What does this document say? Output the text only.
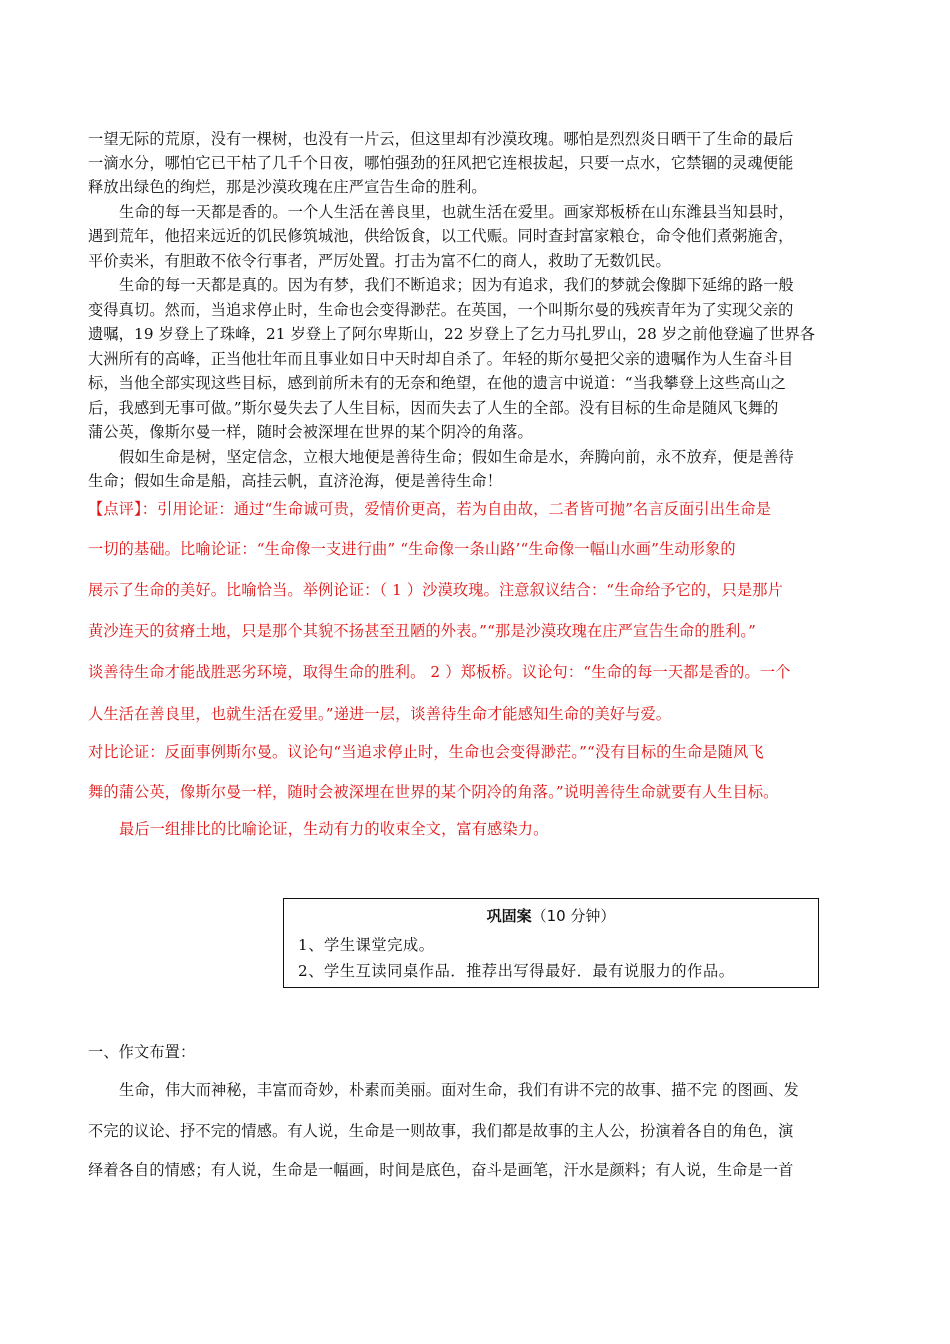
一望无际的荒原，没有一棵树，也没有一片云，但这里却有沙漠玫瑰。哪怕是烈烈炎日晒干了生命的最后
一滴水分，哪怕它已干枯了几千个日夜，哪怕强劲的狂风把它连根拔起，只要一点水，它禁锢的灵魂便能
释放出绿色的绚烂，那是沙漠玫瑰在庄严宣告生命的胜利。
生命的每一天都是香的。一个人生活在善良里，也就生活在爱里。画家郑板桥在山东潍县当知县时，
遇到荒年，他招来远近的饥民修筑城池，供给饭食，以工代赈。同时查封富家粮仓，命令他们煮粥施舍，
平价卖米，有胆敢不依令行事者，严厉处置。打击为富不仁的商人，救助了无数饥民。
生命的每一天都是真的。因为有梦，我们不断追求；因为有追求，我们的梦就会像脚下延绵的路一般
变得真切。然而，当追求停止时，生命也会变得渺茫。在英国，一个叫斯尔曼的残疾青年为了实现父亲的
遗嘱，19 岁登上了珠峰，21 岁登上了阿尔卑斯山，22 岁登上了乞力马扎罗山，28 岁之前他登遍了世界各
大洲所有的高峰，正当他壮年而且事业如日中天时却自杀了。年轻的斯尔曼把父亲的遗嘱作为人生奋斗目
标，当他全部实现这些目标，感到前所未有的无奈和绝望，在他的遗言中说道：“当我攀登上这些高山之
后，我感到无事可做。”斯尔曼失去了人生目标，因而失去了人生的全部。没有目标的生命是随风飞舞的
蒲公英，像斯尔曼一样，随时会被深埋在世界的某个阴冷的角落。
假如生命是树，坚定信念，立根大地便是善待生命；假如生命是水，奔腾向前，永不放弃，便是善待
生命；假如生命是船，高挂云帆，直济沧海，便是善待生命！
【点评】：引用论证：通过“生命诚可贵，爱情价更高，若为自由故，二者皆可抛”名言反面引出生命是
一切的基础。比喻论证：“生命像一支进行曲” “生命像一条山路’“生命像一幅山水画”生动形象的
展示了生命的美好。比喻恰当。举例论证：（ 1 ）沙漠玫瑰。注意叙议结合：“生命给予它的，只是那片
黄沙连天的贫瘠土地，只是那个其貌不扬甚至丑陋的外表。”“那是沙漠玫瑰在庄严宣告生命的胜利。”
谈善待生命才能战胜恶劣环境，取得生命的胜利。 2 ）郑板桥。议论句：“生命的每一天都是香的。一个
人生活在善良里，也就生活在爱里。”递进一层，谈善待生命才能感知生命的美好与爱。
对比论证：反面事例斯尔曼。议论句“当追求停止时，生命也会变得渺茫。”“没有目标的生命是随风飞
舞的蒲公英，像斯尔曼一样，随时会被深埋在世界的某个阴冷的角落。”说明善待生命就要有人生目标。
最后一组排比的比喻论证，生动有力的收束全文，富有感染力。
巩固案（10 分钟）
1、学生课堂完成。
2、学生互读同桌作品．推荐出写得最好．最有说服力的作品。
一、作文布置：
生命，伟大而神秘，丰富而奇妙，朴素而美丽。面对生命，我们有讲不完的故事、描不完 的图画、发
不完的议论、抒不完的情感。有人说，生命是一则故事，我们都是故事的主人公，扮演着各自的角色，演
绎着各自的情感；有人说，生命是一幅画，时间是底色，奋斗是画笔，汗水是颜料；有人说，生命是一首
